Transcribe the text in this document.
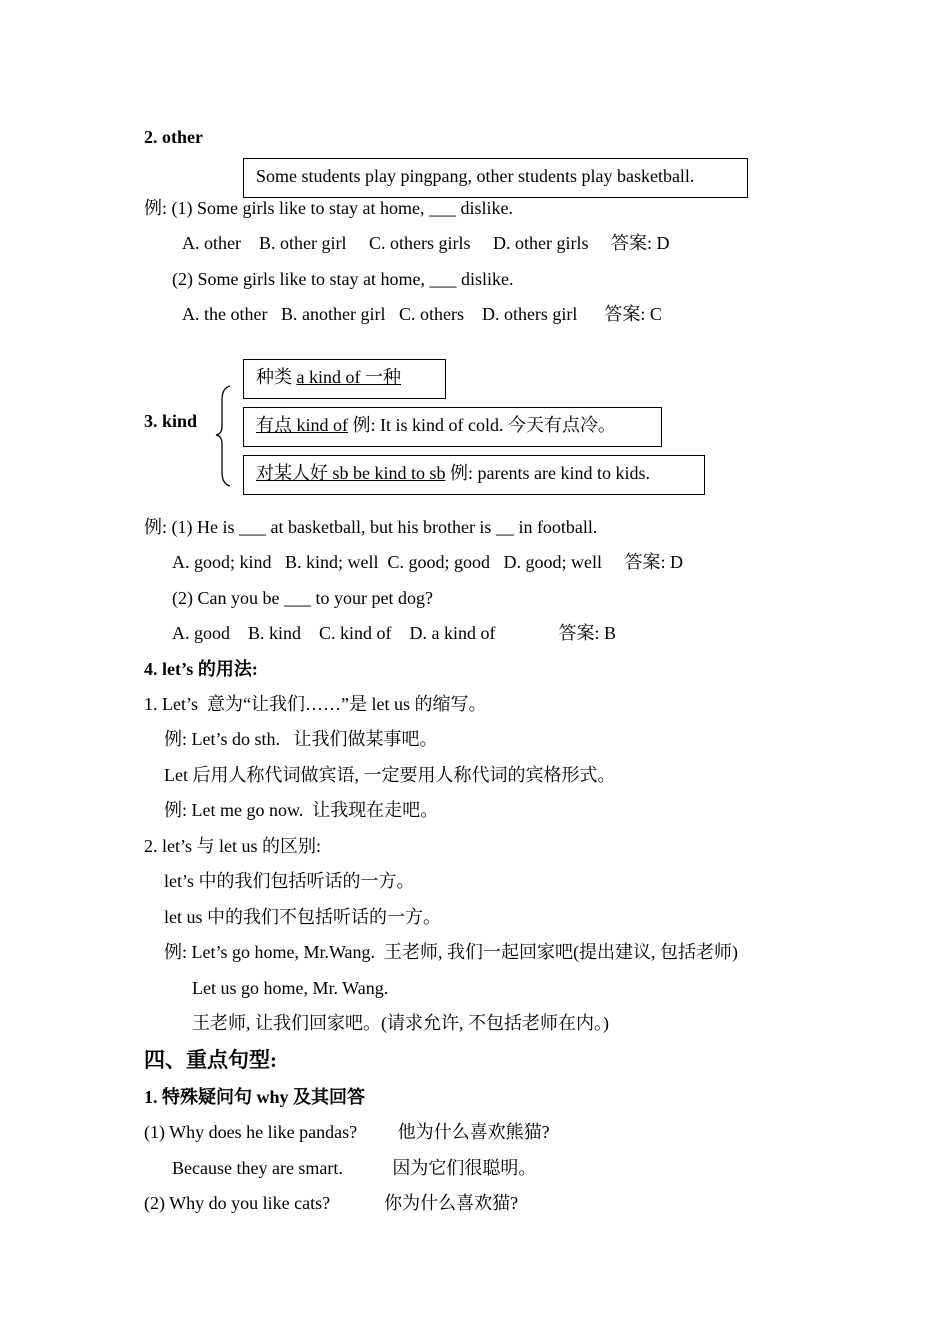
2. other
Some students play pingpang, other students play basketball.
例: (1) Some girls like to stay at home, ___ dislike.
A. other    B. other girl     C. others girls     D. other girls     答案: D
(2) Some girls like to stay at home, ___ dislike.
A. the other   B. another girl   C. others    D. others girl      答案: C
3. kind
种类 a kind of 一种
有点 kind of 例: It is kind of cold. 今天有点冷。
对某人好 sb be kind to sb 例: parents are kind to kids.
例: (1) He is ___ at basketball, but his brother is __ in football.
A. good; kind   B. kind; well  C. good; good   D. good; well     答案: D
(2) Can you be ___ to your pet dog?
A. good    B. kind    C. kind of    D. a kind of              答案: B
4. let’s 的用法:
1. Let’s  意为“让我们……”是 let us 的缩写。
例: Let’s do sth.   让我们做某事吧。
Let 后用人称代词做宾语, 一定要用人称代词的宾格形式。
例: Let me go now.  让我现在走吧。
2. let’s 与 let us 的区别:
let’s 中的我们包括听话的一方。
let us 中的我们不包括听话的一方。
例: Let’s go home, Mr.Wang.  王老师, 我们一起回家吧(提出建议, 包括老师)
Let us go home, Mr. Wang.
王老师, 让我们回家吧。(请求允许, 不包括老师在内。)
四、重点句型:
1. 特殊疑问句 why 及其回答
(1) Why does he like pandas?         他为什么喜欢熊猫?
Because they are smart.           因为它们很聪明。
(2) Why do you like cats?            你为什么喜欢猫?
